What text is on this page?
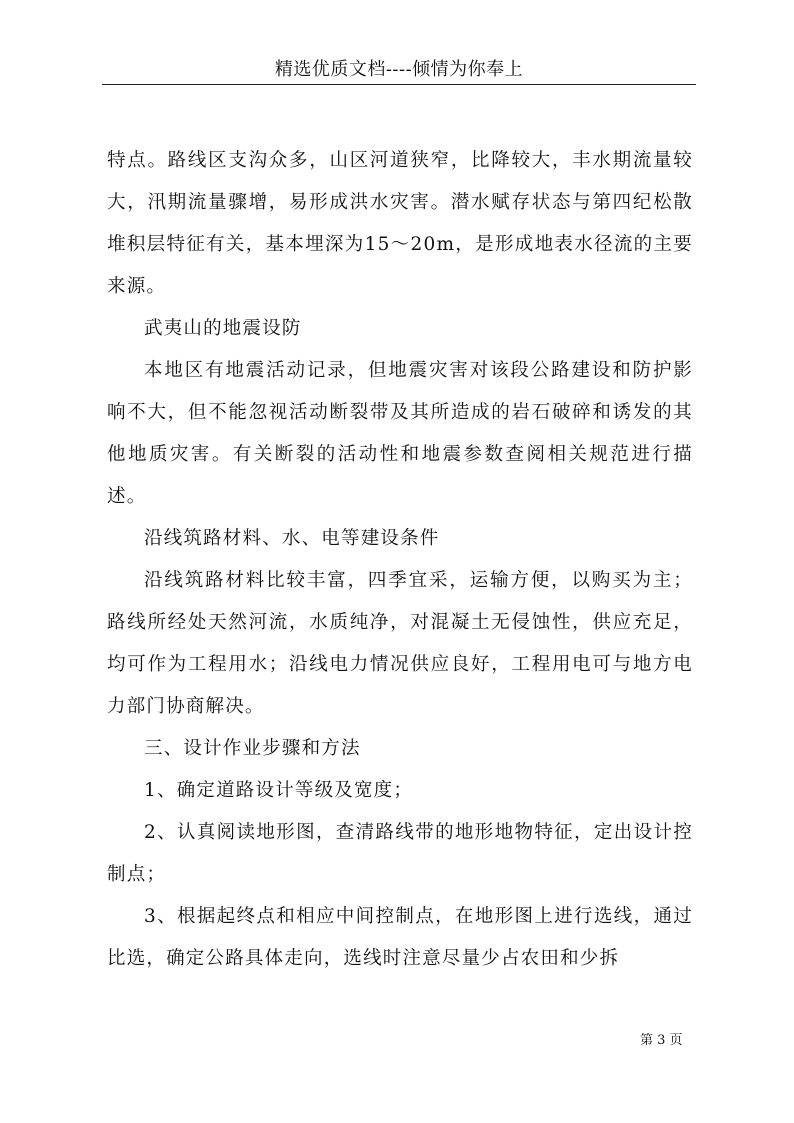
精选优质文档----倾情为你奉上

特点。路线区支沟众多，山区河道狭窄，比降较大，丰水期流量较大，汛期流量骤增，易形成洪水灾害。潜水赋存状态与第四纪松散堆积层特征有关，基本埋深为15～20m，是形成地表水径流的主要来源。

武夷山的地震设防

本地区有地震活动记录，但地震灾害对该段公路建设和防护影响不大，但不能忽视活动断裂带及其所造成的岩石破碎和诱发的其他地质灾害。有关断裂的活动性和地震参数查阅相关规范进行描述。

沿线筑路材料、水、电等建设条件

沿线筑路材料比较丰富，四季宜采，运输方便，以购买为主；路线所经处天然河流，水质纯净，对混凝土无侵蚀性，供应充足，均可作为工程用水；沿线电力情况供应良好，工程用电可与地方电力部门协商解决。

三、设计作业步骤和方法

1、确定道路设计等级及宽度；

2、认真阅读地形图，查清路线带的地形地物特征，定出设计控制点；

3、根据起终点和相应中间控制点，在地形图上进行选线，通过比选，确定公路具体走向，选线时注意尽量少占农田和少拆

第 3 页
